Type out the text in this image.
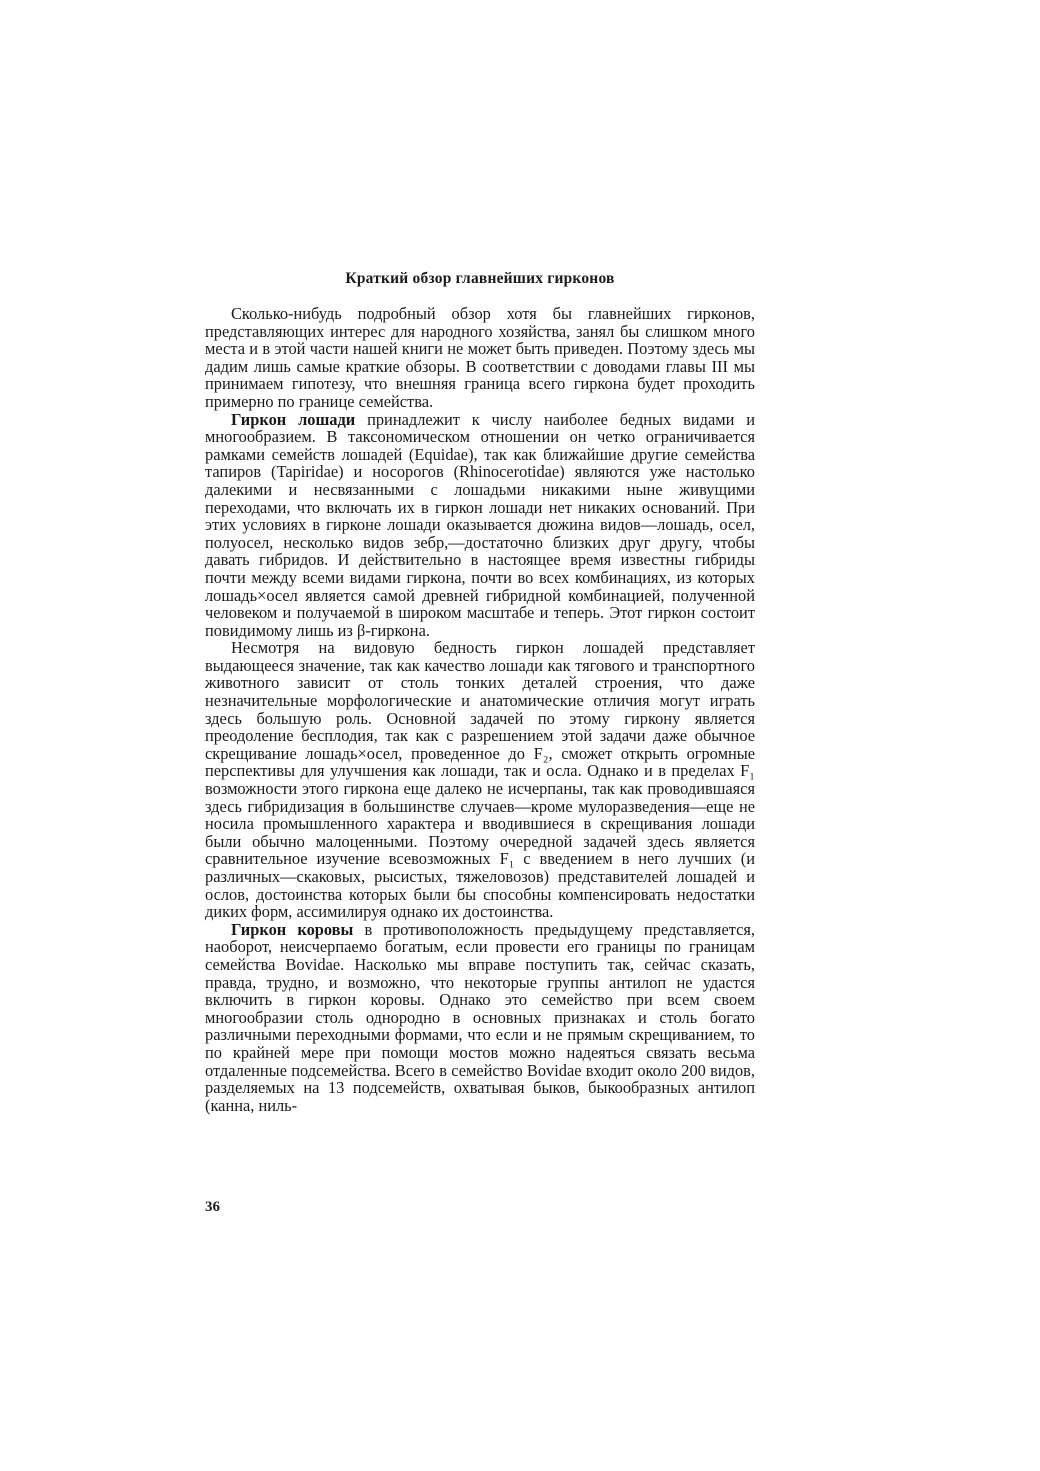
Краткий обзор главнейших гирконов

Сколько-нибудь подробный обзор хотя бы главнейших гирконов, представляющих интерес для народного хозяйства, занял бы слишком много места и в этой части нашей книги не может быть приведен. Поэтому здесь мы дадим лишь самые краткие обзоры. В соответствии с доводами главы III мы принимаем гипотезу, что внешняя граница всего гиркона будет проходить примерно по границе семейства.

Гиркон лошади принадлежит к числу наиболее бедных видами и многообразием. В таксономическом отношении он четко ограничивается рамками семейств лошадей (Equidae), так как ближайшие другие семейства тапиров (Tapiridae) и носорогов (Rhinocerotidae) являются уже настолько далекими и несвязанными с лошадьми никакими ныне живущими переходами, что включать их в гиркон лошади нет никаких оснований. При этих условиях в гирконе лошади оказывается дюжина видов—лошадь, осел, полуосел, несколько видов зебр,—достаточно близких друг другу, чтобы давать гибридов. И действительно в настоящее время известны гибриды почти между всеми видами гиркона, почти во всех комбинациях, из которых лошадь×осел является самой древней гибридной комбинацией, полученной человеком и получаемой в широком масштабе и теперь. Этот гиркон состоит повидимому лишь из β-гиркона.

Несмотря на видовую бедность гиркон лошадей представляет выдающееся значение, так как качество лошади как тягового и транспортного животного зависит от столь тонких деталей строения, что даже незначительные морфологические и анатомические отличия могут играть здесь большую роль. Основной задачей по этому гиркону является преодоление бесплодия, так как с разрешением этой задачи даже обычное скрещивание лошадь×осел, проведенное до F₂, сможет открыть огромные перспективы для улучшения как лошади, так и осла. Однако и в пределах F₁ возможности этого гиркона еще далеко не исчерпаны, так как проводившаяся здесь гибридизация в большинстве случаев—кроме мулоразведения—еще не носила промышленного характера и вводившиеся в скрещивания лошади были обычно малоценными. Поэтому очередной задачей здесь является сравнительное изучение всевозможных F₁ с введением в него лучших (и различных—скаковых, рысистых, тяжеловозов) представителей лошадей и ослов, достоинства которых были бы способны компенсировать недостатки диких форм, ассимилируя однако их достоинства.

Гиркон коровы в противоположность предыдущему представляется, наоборот, неисчерпаемо богатым, если провести его границы по границам семейства Bovidae. Насколько мы вправе поступить так, сейчас сказать, правда, трудно, и возможно, что некоторые группы антилоп не удастся включить в гиркон коровы. Однако это семейство при всем своем многообразии столь однородно в основных признаках и столь богато различными переходными формами, что если и не прямым скрещиванием, то по крайней мере при помощи мостов можно надеяться связать весьма отдаленные подсемейства. Всего в семейство Bovidae входит около 200 видов, разделяемых на 13 подсемейств, охватывая быков, быкообразных антилоп (канна, ниль-

36
